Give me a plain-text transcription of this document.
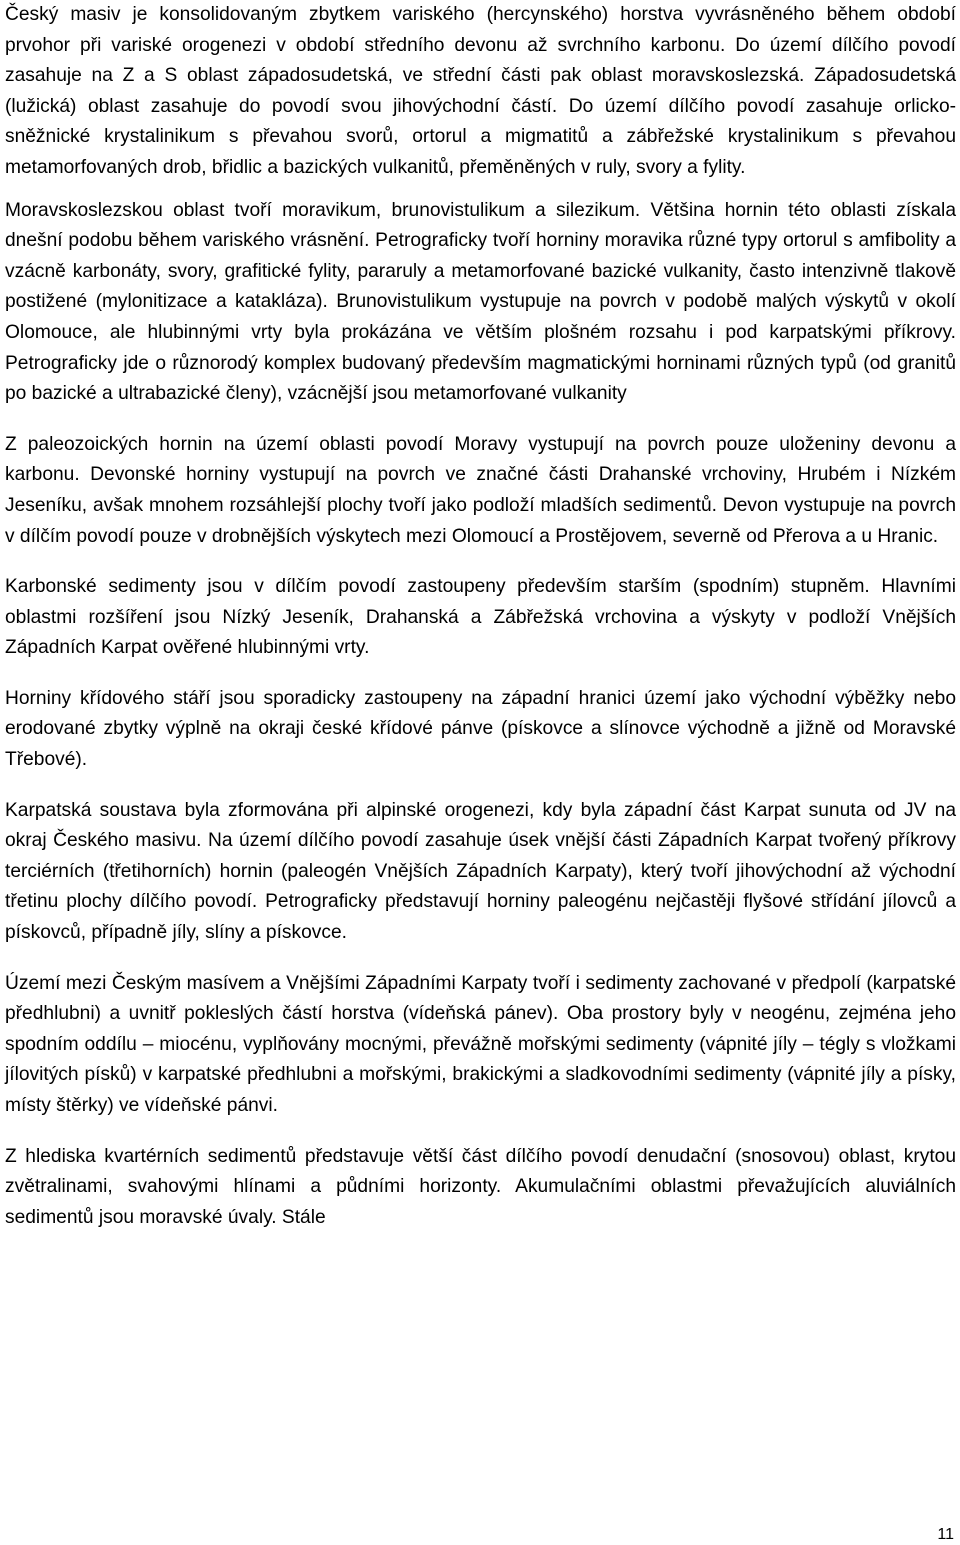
Český masiv je konsolidovaným zbytkem variského (hercynského) horstva vyvrásněného během období prvohor při variské orogenezi v období středního devonu až svrchního karbonu. Do území dílčího povodí zasahuje na Z a S oblast západosudetská, ve střední části pak oblast moravskoslezská. Západosudetská (lužická) oblast zasahuje do povodí svou jihovýchodní částí. Do území dílčího povodí zasahuje orlicko-sněžnické krystalinikum s převahou svorů, ortorul a migmatitů a zábřežské krystalinikum s převahou metamorfovaných drob, břidlic a bazických vulkanitů, přeměněných v ruly, svory a fylity.

Moravskoslezskou oblast tvoří moravikum, brunovistulikum a silezikum. Většina hornin této oblasti získala dnešní podobu během variského vrásnění. Petrograficky tvoří horniny moravika různé typy ortorul s amfibolity a vzácně karbonáty, svory, grafitické fylity, pararuly a metamorfované bazické vulkanity, často intenzivně tlakově postižené (mylonitizace a katakláza). Brunovistulikum vystupuje na povrch v podobě malých výskytů v okolí Olomouce, ale hlubinnými vrty byla prokázána ve větším plošném rozsahu i pod karpatskými příkrovy. Petrograficky jde o různorodý komplex budovaný především magmatickými horninami různých typů (od granitů po bazické a ultrabazické členy), vzácnější jsou metamorfované vulkanity

Z paleozoických hornin na území oblasti povodí Moravy vystupují na povrch pouze uloženiny devonu a karbonu. Devonské horniny vystupují na povrch ve značné části Drahanské vrchoviny, Hrubém i Nízkém Jeseníku, avšak mnohem rozsáhlejší plochy tvoří jako podloží mladších sedimentů. Devon vystupuje na povrch v dílčím povodí pouze v drobnějších výskytech mezi Olomoucí a Prostějovem, severně od Přerova a u Hranic.

Karbonské sedimenty jsou v dílčím povodí zastoupeny především starším (spodním) stupněm. Hlavními oblastmi rozšíření jsou Nízký Jeseník, Drahanská a Zábřežská vrchovina a výskyty v podloží Vnějších Západních Karpat ověřené hlubinnými vrty.

Horniny křídového stáří jsou sporadicky zastoupeny na západní hranici území jako východní výběžky nebo erodované zbytky výplně na okraji české křídové pánve (pískovce a slínovce východně a jižně od Moravské Třebové).

Karpatská soustava byla zformována při alpinské orogenezi, kdy byla západní část Karpat sunuta od JV na okraj Českého masivu. Na území dílčího povodí zasahuje úsek vnější části Západních Karpat tvořený příkrovy terciérních (třetihorních) hornin (paleogén Vnějších Západních Karpaty), který tvoří jihovýchodní až východní třetinu plochy dílčího povodí. Petrograficky představují horniny paleogénu nejčastěji flyšové střídání jílovců a pískovců, případně jíly, slíny a pískovce.

Území mezi Českým masívem a Vnějšími Západními Karpaty tvoří i sedimenty zachované v předpolí (karpatské předhlubni) a uvnitř pokleslých částí horstva (vídeňská pánev). Oba prostory byly v neogénu, zejména jeho spodním oddílu – miocénu, vyplňovány mocnými, převážně mořskými sedimenty (vápnité jíly – tégly s vložkami jílovitých písků) v karpatské předhlubni a mořskými, brakickými a sladkovodními sedimenty (vápnité jíly a písky, místy štěrky) ve vídeňské pánvi.

Z hlediska kvartérních sedimentů představuje větší část dílčího povodí denudační (snosovou) oblast, krytou zvětralinami, svahovými hlínami a půdními horizonty. Akumulačními oblastmi převažujících aluviálních sedimentů jsou moravské úvaly. Stále

11
